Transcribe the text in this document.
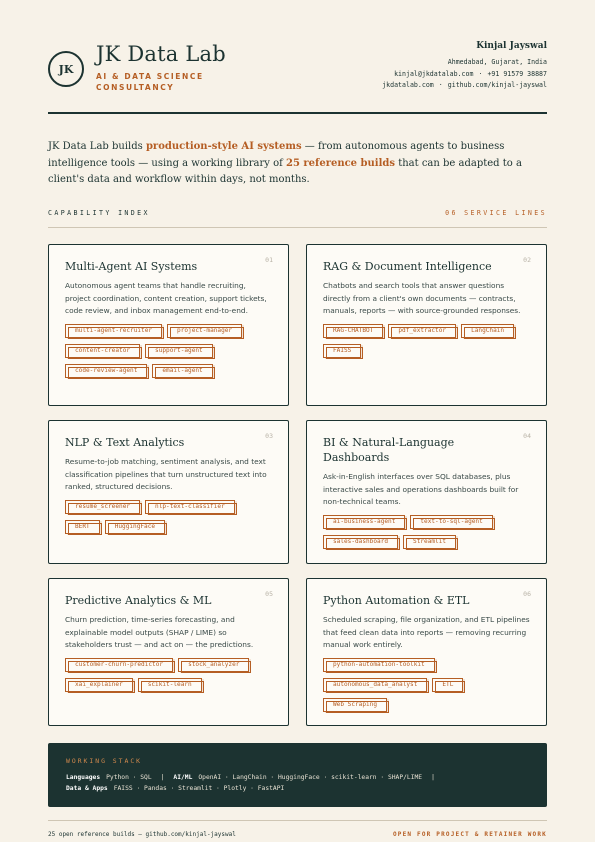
JK
JK Data Lab
AI & DATA SCIENCE CONSULTANCY
Kinjal Jayswal
Ahmedabad, Gujarat, India
kinjal@jkdatalab.com · +91 91579 38887
jkdatalab.com · github.com/kinjal-jayswal

JK Data Lab builds production-style AI systems — from autonomous agents to business intelligence tools — using a working library of 25 reference builds that can be adapted to a client's data and workflow within days, not months.

CAPABILITY INDEX	06 SERVICE LINES
01
Multi-Agent AI Systems
Autonomous agent teams that handle recruiting, project coordination, content creation, support tickets, code review, and inbox management end-to-end.
multi-agent-recruiter	project-manager
content-creator	support-agent
code-review-agent	email-agent
02
RAG & Document Intelligence
Chatbots and search tools that answer questions directly from a client's own documents — contracts, manuals, reports — with source-grounded responses.
RAG-CHATBOT	pdf_extractor	LangChain
FAISS
03
NLP & Text Analytics
Resume-to-job matching, sentiment analysis, and text classification pipelines that turn unstructured text into ranked, structured decisions.
resume_screener	nlp-text-classifier
BERT	HuggingFace
04
BI & Natural-Language Dashboards
Ask-in-English interfaces over SQL databases, plus interactive sales and operations dashboards built for non-technical teams.
ai-business-agent	text-to-sql-agent
sales-dashboard	Streamlit
05
Predictive Analytics & ML
Churn prediction, time-series forecasting, and explainable model outputs (SHAP / LIME) so stakeholders trust — and act on — the predictions.
customer-churn-predictor	stock_analyzer
xai_explainer	scikit-learn
06
Python Automation & ETL
Scheduled scraping, file organization, and ETL pipelines that feed clean data into reports — removing recurring manual work entirely.
python-automation-toolkit
autonomous_data_analyst	ETL
Web Scraping
WORKING STACK
Languages Python · SQL | AI/ML OpenAI · LangChain · HuggingFace · scikit-learn · SHAP/LIME |
Data & Apps FAISS · Pandas · Streamlit · Plotly · FastAPI
25 open reference builds — github.com/kinjal-jayswal	OPEN FOR PROJECT & RETAINER WORK
